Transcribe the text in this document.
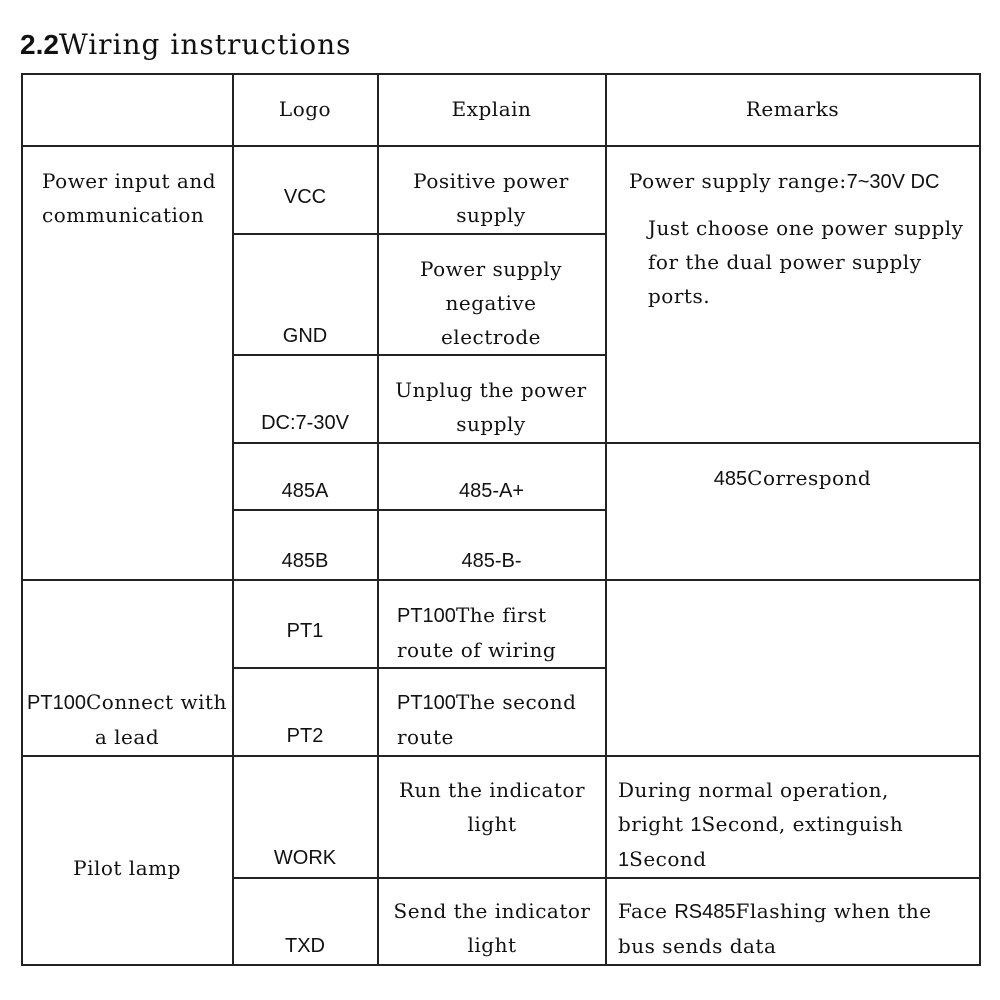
2.2Wiring instructions
Logo	Explain	Remarks
Power input and communication
PT100Connect with a lead
Pilot lamp
VCC
GND
DC:7-30V
485A
485B
PT1
PT2
WORK
TXD
Positive power supply
Power supply negative electrode
Unplug the power supply
485-A+
485-B-
PT100The first route of wiring
PT100The second route
Run the indicator light
Send the indicator light
Power supply range:7~30V DC
Just choose one power supply for the dual power supply ports.
485Correspond
During normal operation, bright 1Second, extinguish 1Second
Face RS485Flashing when the bus sends data
